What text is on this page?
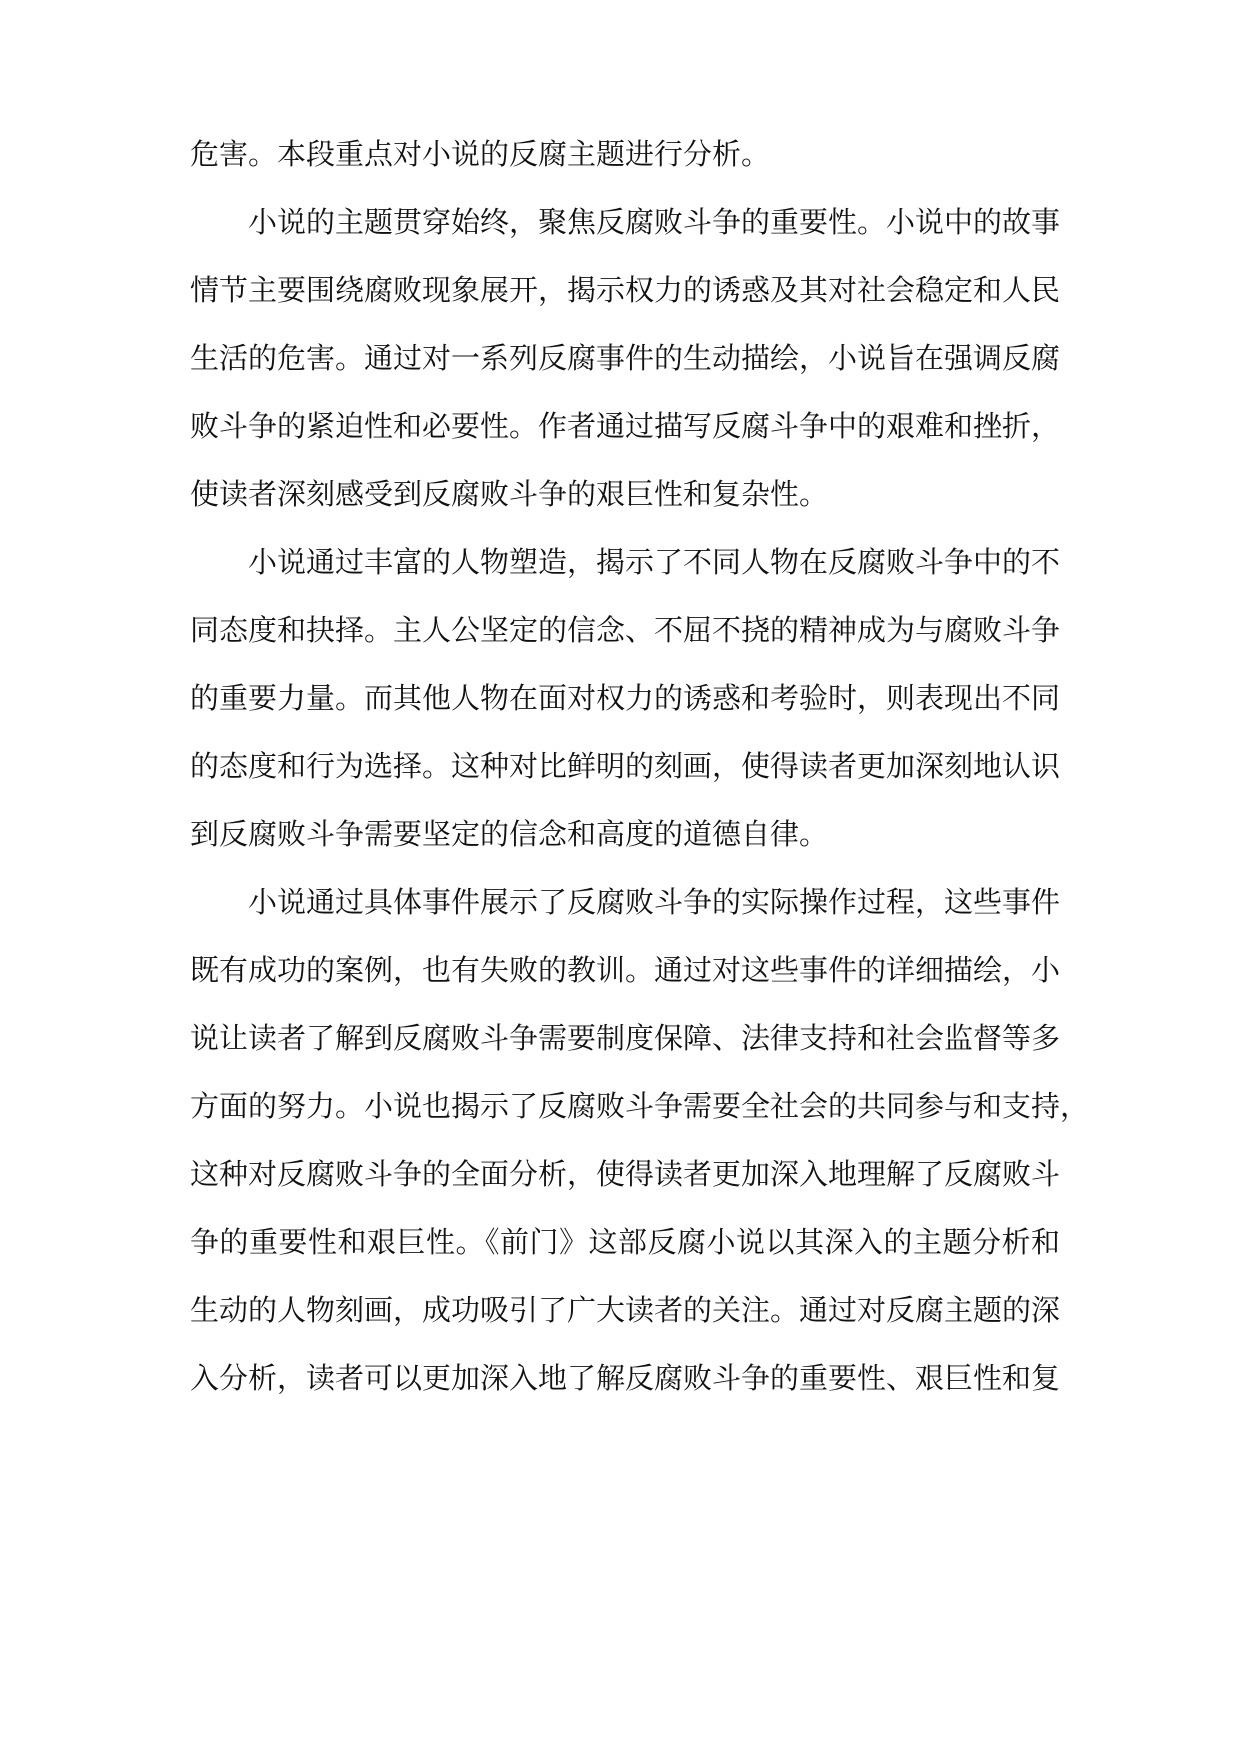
危害。本段重点对小说的反腐主题进行分析。
小说的主题贯穿始终，聚焦反腐败斗争的重要性。小说中的故事
情节主要围绕腐败现象展开，揭示权力的诱惑及其对社会稳定和人民
生活的危害。通过对一系列反腐事件的生动描绘，小说旨在强调反腐
败斗争的紧迫性和必要性。作者通过描写反腐斗争中的艰难和挫折，
使读者深刻感受到反腐败斗争的艰巨性和复杂性。
小说通过丰富的人物塑造，揭示了不同人物在反腐败斗争中的不
同态度和抉择。主人公坚定的信念、不屈不挠的精神成为与腐败斗争
的重要力量。而其他人物在面对权力的诱惑和考验时，则表现出不同
的态度和行为选择。这种对比鲜明的刻画，使得读者更加深刻地认识
到反腐败斗争需要坚定的信念和高度的道德自律。
小说通过具体事件展示了反腐败斗争的实际操作过程，这些事件
既有成功的案例，也有失败的教训。通过对这些事件的详细描绘，小
说让读者了解到反腐败斗争需要制度保障、法律支持和社会监督等多
方面的努力。小说也揭示了反腐败斗争需要全社会的共同参与和支持，
这种对反腐败斗争的全面分析，使得读者更加深入地理解了反腐败斗
争的重要性和艰巨性。《前门》这部反腐小说以其深入的主题分析和
生动的人物刻画，成功吸引了广大读者的关注。通过对反腐主题的深
入分析，读者可以更加深入地了解反腐败斗争的重要性、艰巨性和复
